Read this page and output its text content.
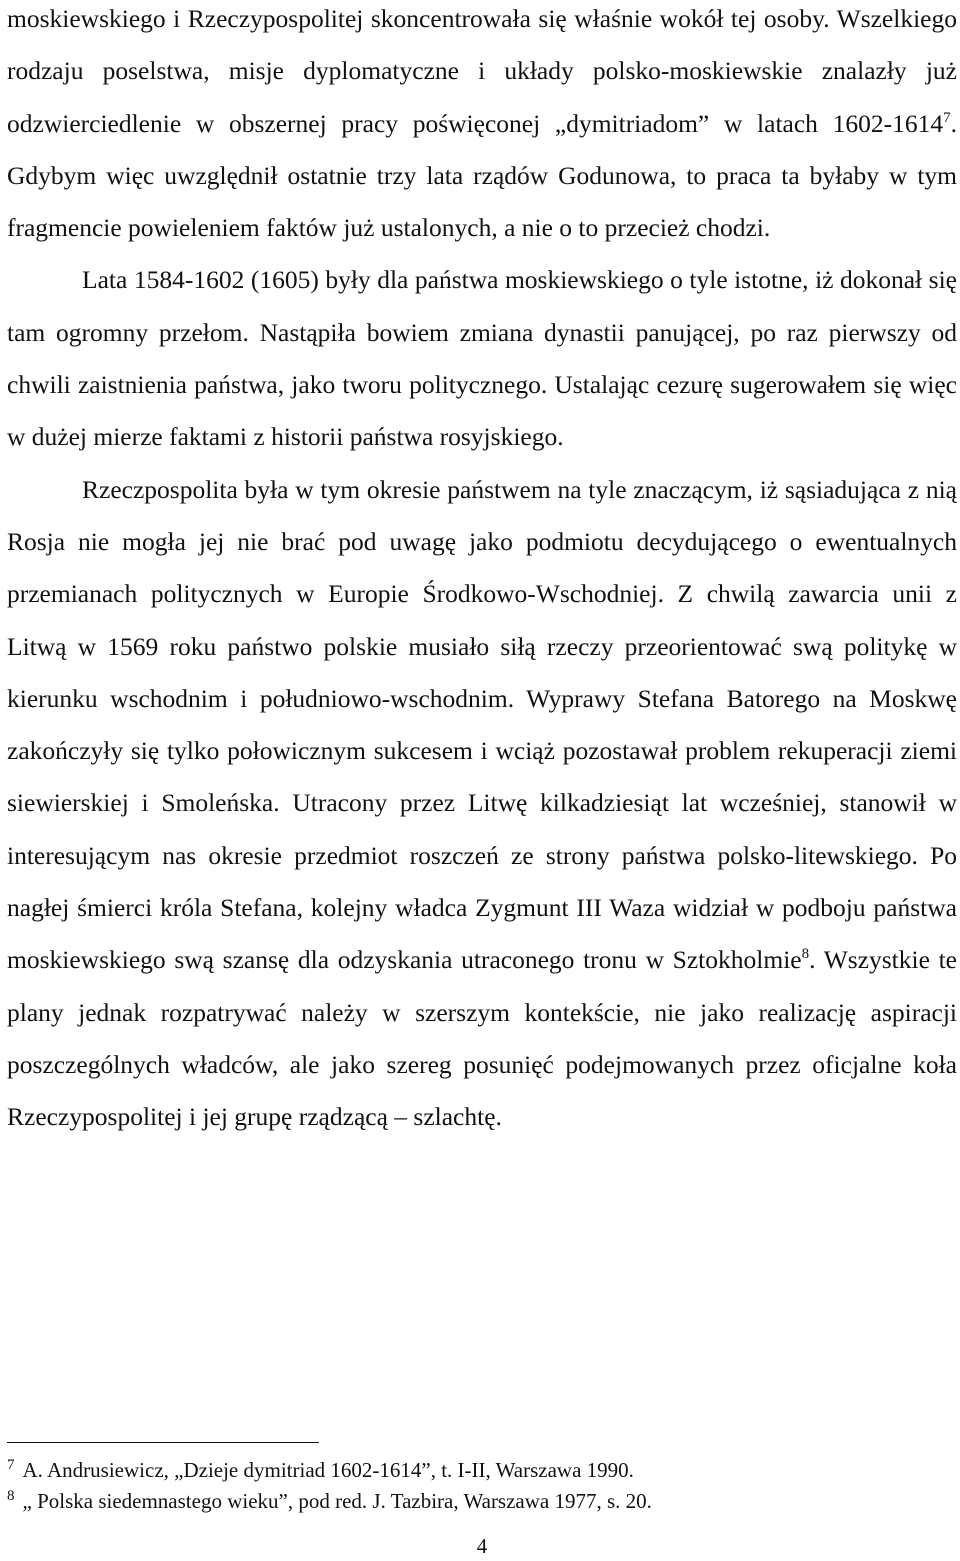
moskiewskiego i Rzeczypospolitej skoncentrowała się właśnie wokół tej osoby. Wszelkiego rodzaju poselstwa, misje dyplomatyczne i układy polsko-moskiewskie znalazły już odzwierciedlenie w obszernej pracy poświęconej „dymitriadom” w latach 1602-1614$^7$. Gdybym więc uwzględnił ostatnie trzy lata rządów Godunowa, to praca ta byłaby w tym fragmencie powieleniem faktów już ustalonych, a nie o to przecież chodzi.

Lata 1584-1602 (1605) były dla państwa moskiewskiego o tyle istotne, iż dokonał się tam ogromny przełom. Nastąpiła bowiem zmiana dynastii panującej, po raz pierwszy od chwili zaistnienia państwa, jako tworu politycznego. Ustalając cezurę sugerowałem się więc w dużej mierze faktami z historii państwa rosyjskiego.

Rzeczpospolita była w tym okresie państwem na tyle znaczącym, iż sąsiadująca z nią Rosja nie mogła jej nie brać pod uwagę jako podmiotu decydującego o ewentualnych przemianach politycznych w Europie Środkowo-Wschodniej. Z chwilą zawarcia unii z Litwą w 1569 roku państwo polskie musiało siłą rzeczy przeorientować swą politykę w kierunku wschodnim i południowo-wschodnim. Wyprawy Stefana Batorego na Moskwę zakończyły się tylko połowicznym sukcesem i wciąż pozostawał problem rekuperacji ziemi siewierskiej i Smoleńska. Utracony przez Litwę kilkadziesiąt lat wcześniej, stanowił w interesującym nas okresie przedmiot roszczeń ze strony państwa polsko-litewskiego. Po nagłej śmierci króla Stefana, kolejny władca Zygmunt III Waza widział w podboju państwa moskiewskiego swą szansę dla odzyskania utraconego tronu w Sztokholmie$^8$. Wszystkie te plany jednak rozpatrywać należy w szerszym kontekście, nie jako realizację aspiracji poszczególnych władców, ale jako szereg posunięć podejmowanych przez oficjalne koła Rzeczypospolitej i jej grupę rządzącą – szlachtę.

$^7$ A. Andrusiewicz, „Dzieje dymitriad 1602-1614”, t. I-II, Warszawa 1990.

$^8$ „ Polska siedemnastego wieku”, pod red. J. Tazbira, Warszawa 1977, s. 20.

4
